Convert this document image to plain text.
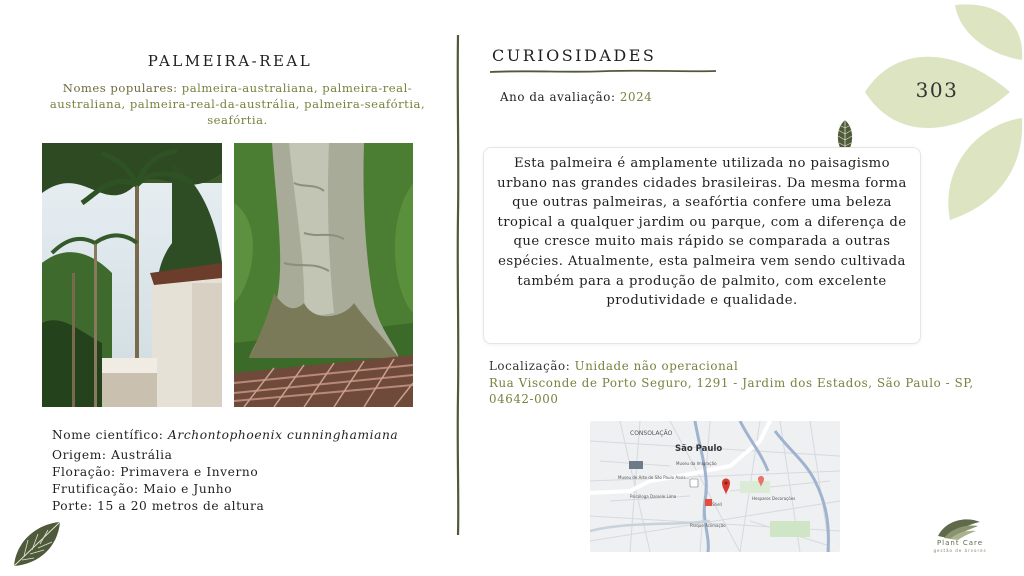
303
PALMEIRA-REAL
Nomes populares: palmeira-australiana, palmeira-real-australiana, palmeira-real-da-austrália, palmeira-seafórtia, seafórtia.
Nome científico: Archontophoenix cunninghamiana
Origem: Austrália
Floração: Primavera e Inverno
Frutificação: Maio e Junho
Porte: 15 a 20 metros de altura
CURIOSIDADES
Ano da avaliação: 2024
Esta palmeira é amplamente utilizada no paisagismo urbano nas grandes cidades brasileiras. Da mesma forma que outras palmeiras, a seafórtia confere uma beleza tropical a qualquer jardim ou parque, com a diferença de que cresce muito mais rápido se comparada a outras espécies. Atualmente, esta palmeira vem sendo cultivada também para a produção de palmito, com excelente produtividade e qualidade.
Localização: Unidade não operacional
Rua Visconde de Porto Seguro, 1291 - Jardim dos Estados, São Paulo - SP, 04642-000
CONSOLAÇÃO
São Paulo
Museu de Arte de São Paulo Assis...
Museu da Imigração
Psicóloga Daniele Lima
Shell
Hesparos Decorações
Parque Aclimação
Plant Care
gestão de árvores
